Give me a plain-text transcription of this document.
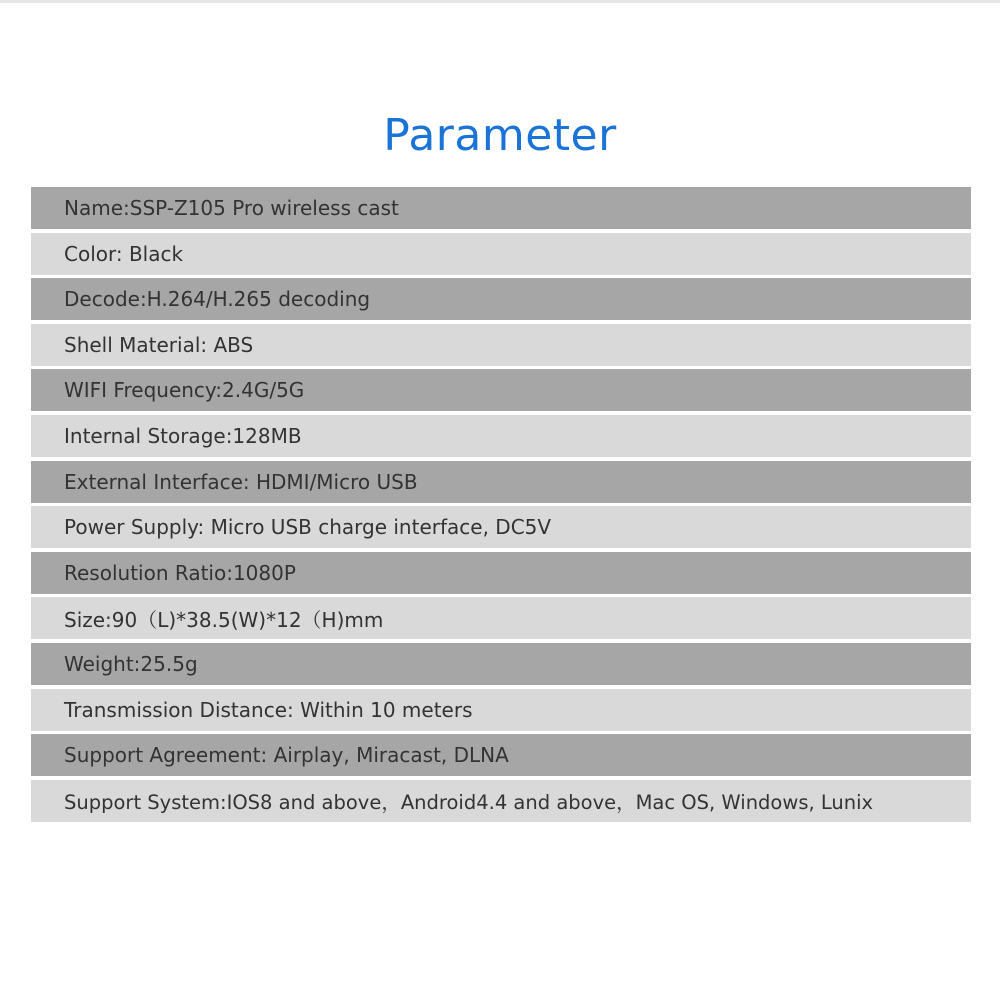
Parameter
Name:SSP-Z105 Pro wireless cast
Color: Black
Decode:H.264/H.265 decoding
Shell Material: ABS
WIFI Frequency:2.4G/5G
Internal Storage:128MB
External Interface: HDMI/Micro USB
Power Supply: Micro USB charge interface, DC5V
Resolution Ratio:1080P
Size:90（L)*38.5(W)*12（H)mm
Weight:25.5g
Transmission Distance: Within 10 meters
Support Agreement: Airplay, Miracast, DLNA
Support System:IOS8 and above，Android4.4 and above，Mac OS, Windows, Lunix
